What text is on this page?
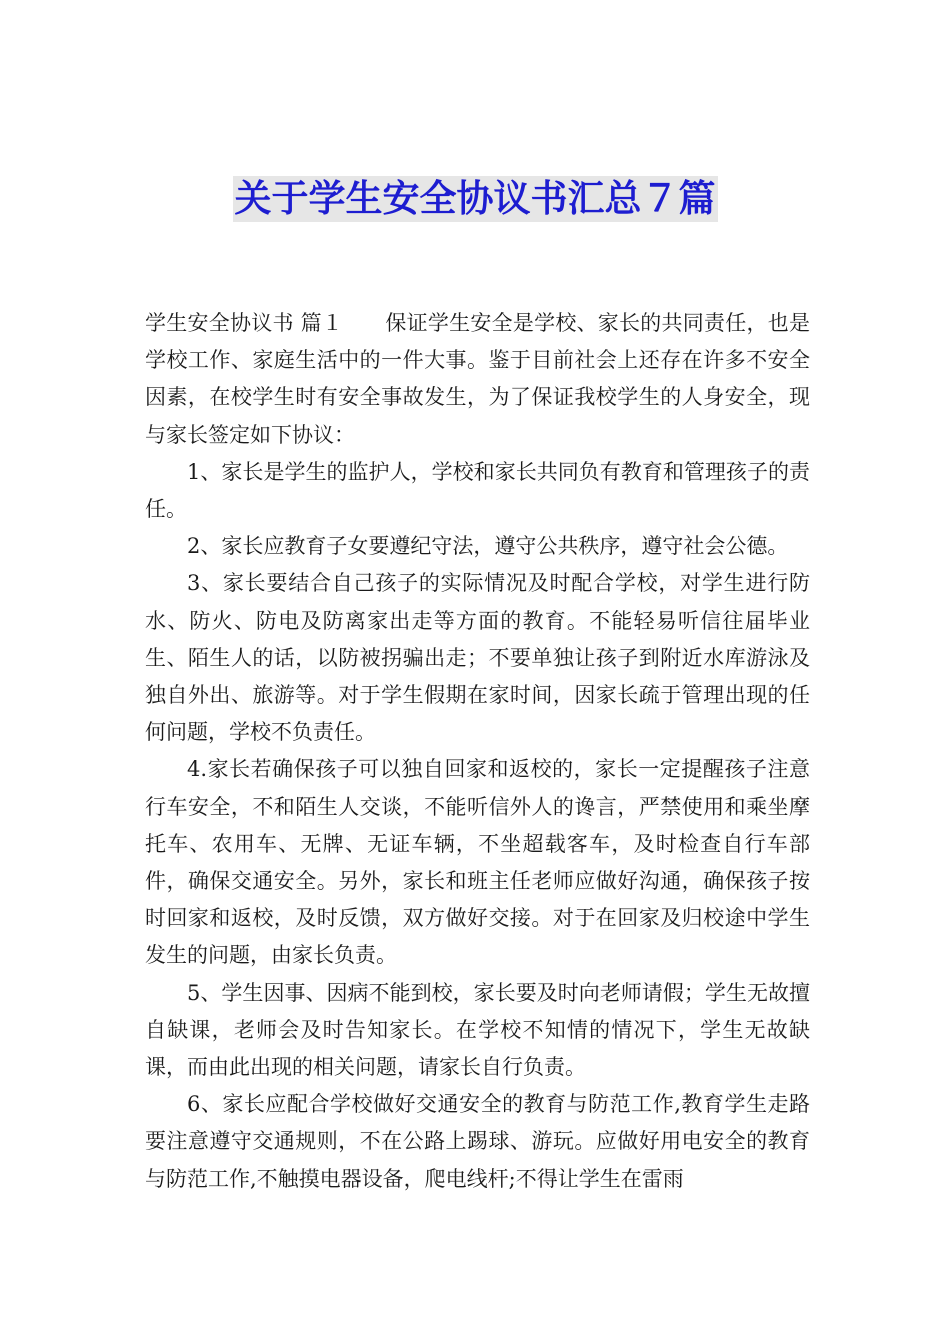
关于学生安全协议书汇总７篇

学生安全协议书 篇１ 保证学生安全是学校、家长的共同责任，也是学校工作、家庭生活中的一件大事。鉴于目前社会上还存在许多不安全因素，在校学生时有安全事故发生，为了保证我校学生的人身安全，现与家长签定如下协议：

1、家长是学生的监护人，学校和家长共同负有教育和管理孩子的责任。

2、家长应教育子女要遵纪守法，遵守公共秩序，遵守社会公德。

3、家长要结合自己孩子的实际情况及时配合学校，对学生进行防水、防火、防电及防离家出走等方面的教育。不能轻易听信往届毕业生、陌生人的话，以防被拐骗出走；不要单独让孩子到附近水库游泳及独自外出、旅游等。对于学生假期在家时间，因家长疏于管理出现的任何问题，学校不负责任。

4.家长若确保孩子可以独自回家和返校的，家长一定提醒孩子注意行车安全，不和陌生人交谈，不能听信外人的谗言，严禁使用和乘坐摩托车、农用车、无牌、无证车辆，不坐超载客车，及时检查自行车部件，确保交通安全。另外，家长和班主任老师应做好沟通，确保孩子按时回家和返校，及时反馈，双方做好交接。对于在回家及归校途中学生发生的问题，由家长负责。

5、学生因事、因病不能到校，家长要及时向老师请假；学生无故擅自缺课，老师会及时告知家长。在学校不知情的情况下，学生无故缺课，而由此出现的相关问题，请家长自行负责。

6、家长应配合学校做好交通安全的教育与防范工作,教育学生走路要注意遵守交通规则，不在公路上踢球、游玩。应做好用电安全的教育与防范工作,不触摸电器设备，爬电线杆;不得让学生在雷雨
